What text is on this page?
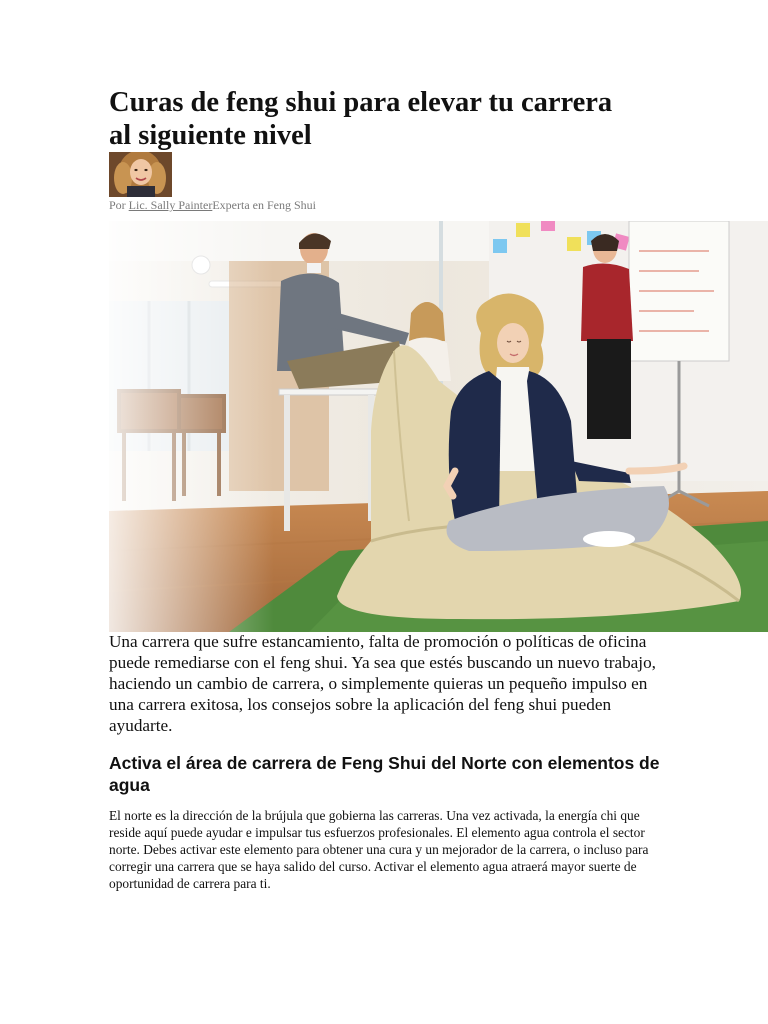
Curas de feng shui para elevar tu carrera
al siguiente nivel
Por Lic. Sally PainterExperta en Feng Shui

Una carrera que sufre estancamiento, falta de promoción o políticas de oficina puede remediarse con el feng shui. Ya sea que estés buscando un nuevo trabajo, haciendo un cambio de carrera, o simplemente quieras un pequeño impulso en una carrera exitosa, los consejos sobre la aplicación del feng shui pueden ayudarte.

Activa el área de carrera de Feng Shui del Norte con elementos de agua

El norte es la dirección de la brújula que gobierna las carreras. Una vez activada, la energía chi que reside aquí puede ayudar e impulsar tus esfuerzos profesionales. El elemento agua controla el sector norte. Debes activar este elemento para obtener una cura y un mejorador de la carrera, o incluso para corregir una carrera que se haya salido del curso. Activar el elemento agua atraerá mayor suerte de oportunidad de carrera para ti.
